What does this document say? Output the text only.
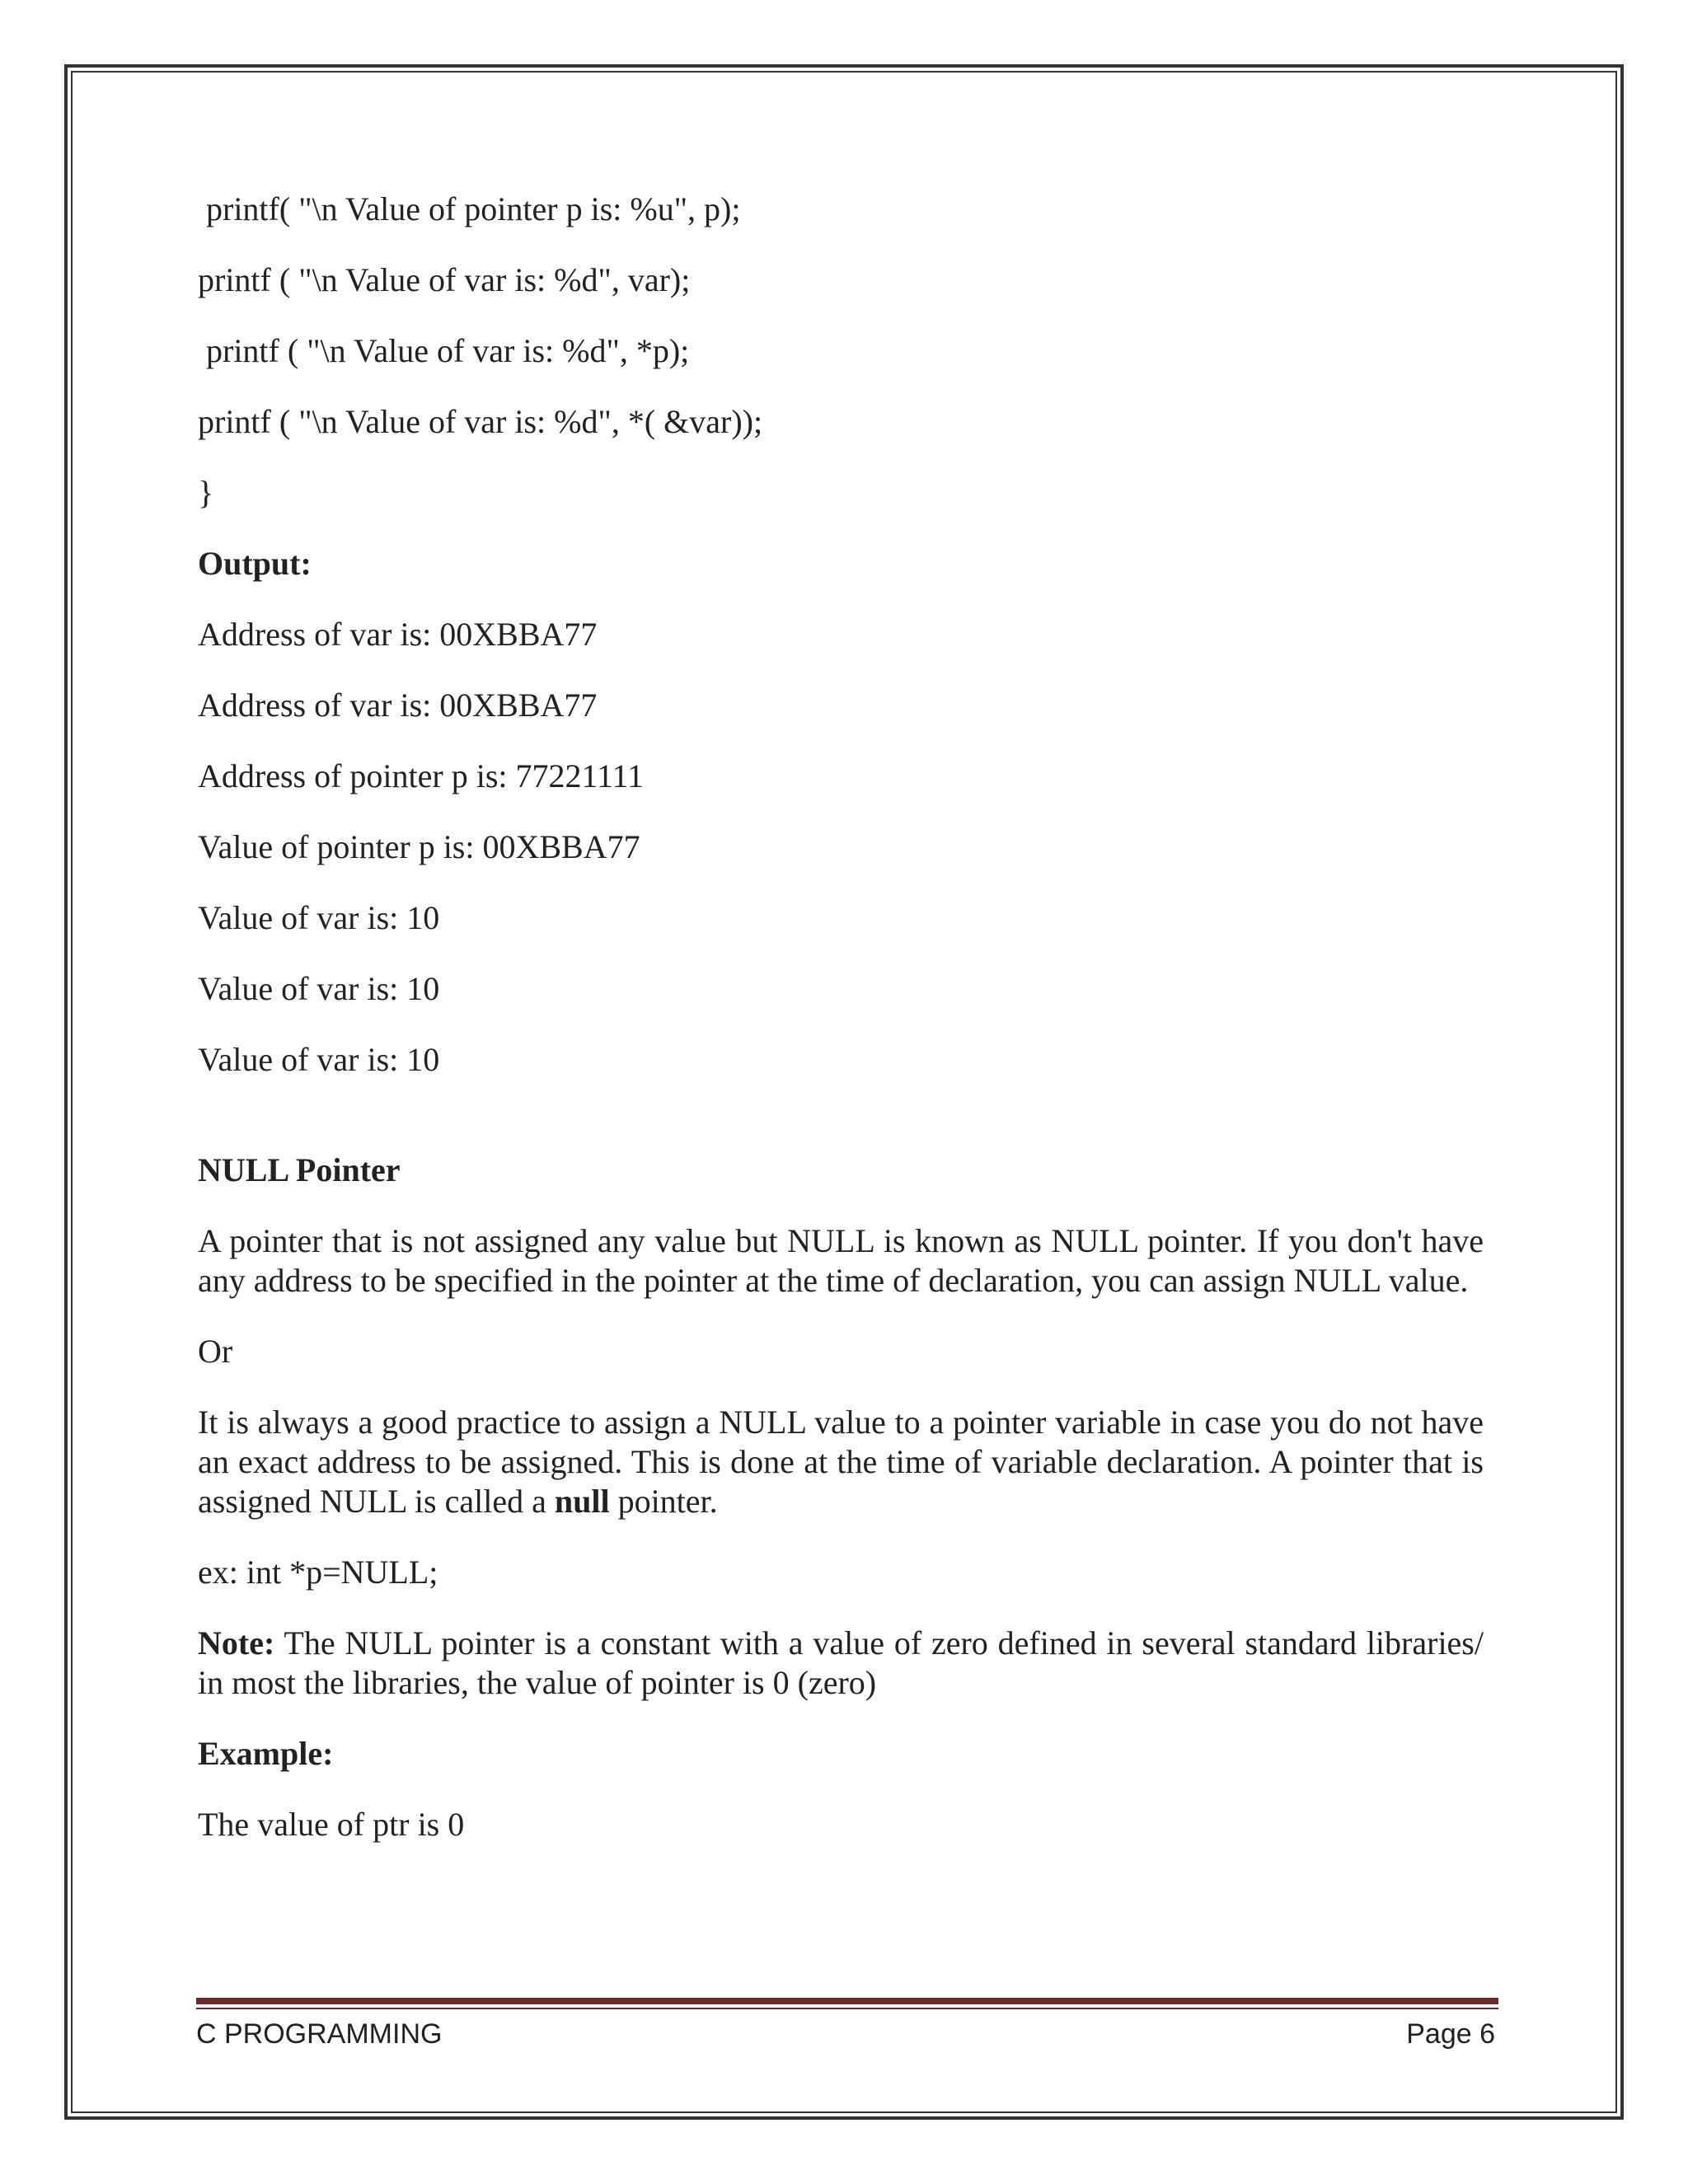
printf( "\n Value of pointer p is: %u", p);
printf ( "\n Value of var is: %d", var);
printf ( "\n Value of var is: %d", *p);
printf ( "\n Value of var is: %d", *( &var));
}
Output:
Address of var is: 00XBBA77
Address of var is: 00XBBA77
Address of pointer p is: 77221111
Value of pointer p is: 00XBBA77
Value of var is: 10
Value of var is: 10
Value of var is: 10
NULL Pointer
A pointer that is not assigned any value but NULL is known as NULL pointer. If you don't have any address to be specified in the pointer at the time of declaration, you can assign NULL value.
Or
It is always a good practice to assign a NULL value to a pointer variable in case you do not have an exact address to be assigned. This is done at the time of variable declaration. A pointer that is assigned NULL is called a null pointer.
ex: int *p=NULL;
Note: The NULL pointer is a constant with a value of zero defined in several standard libraries/ in most the libraries, the value of pointer is 0 (zero)
Example:
The value of ptr is 0
C PROGRAMMING	Page 6
